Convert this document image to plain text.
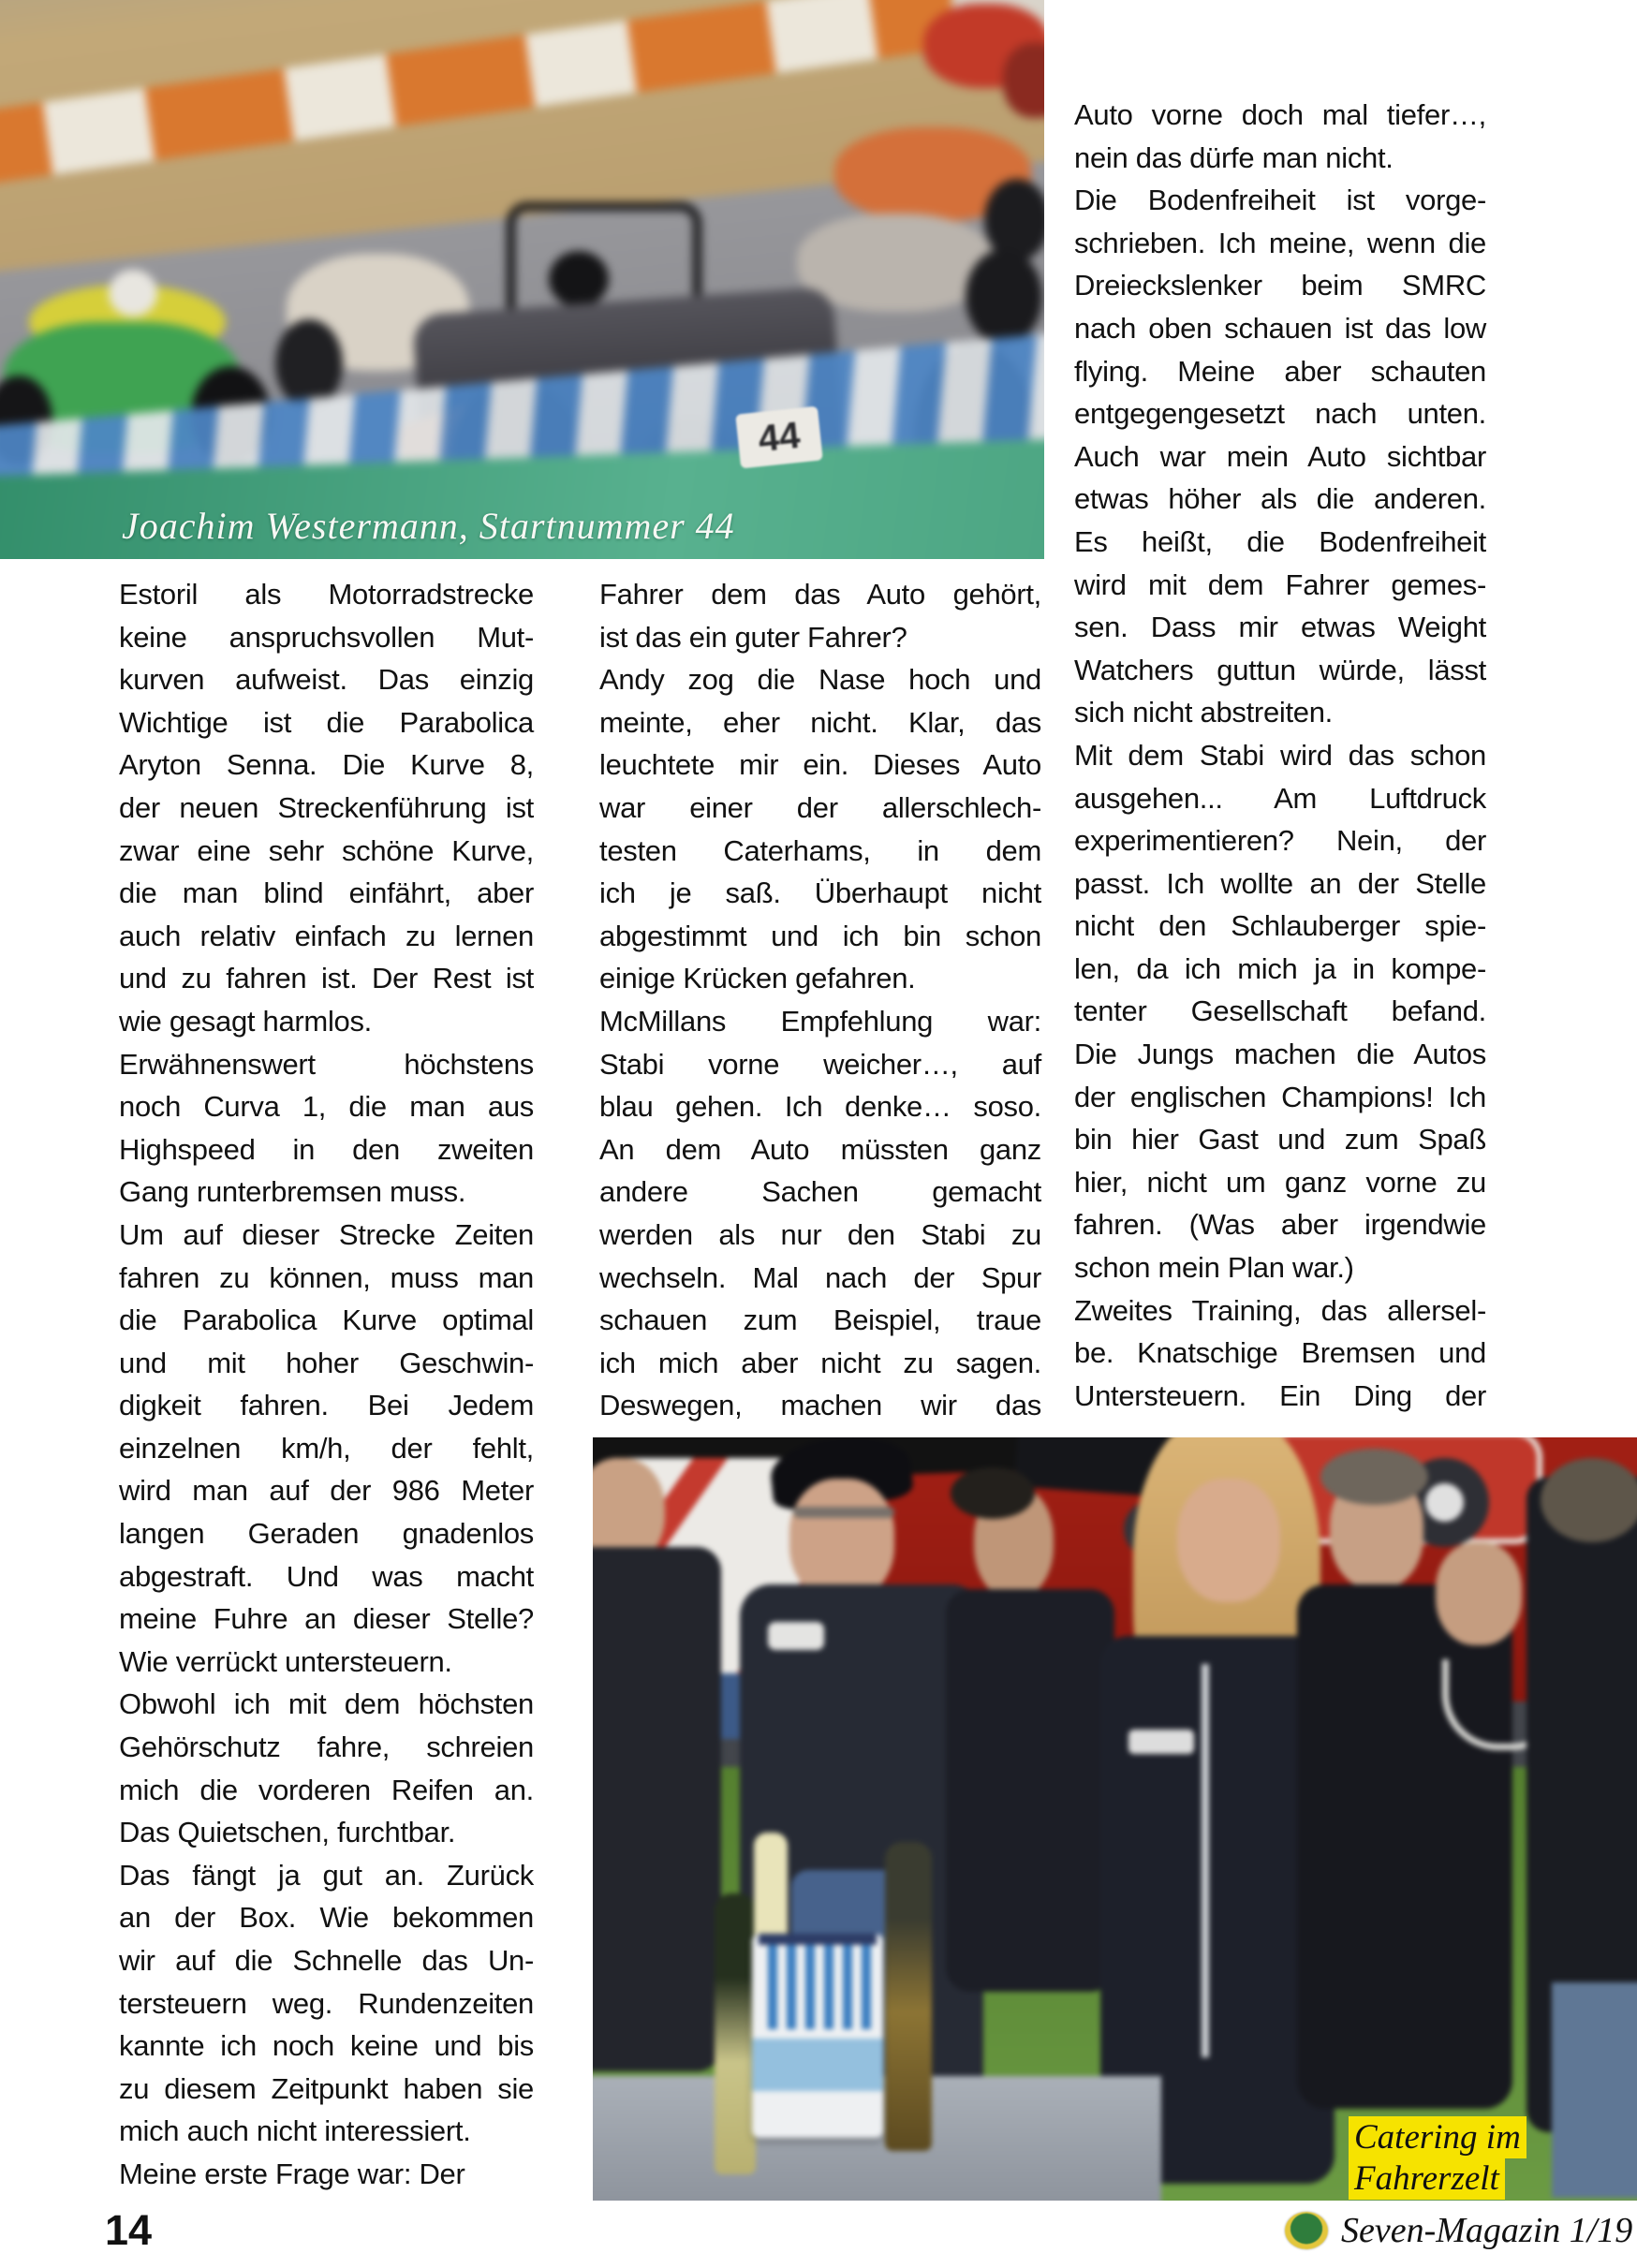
44
Joachim Westermann, Startnummer 44
Estoril als Motorradstrecke
keine anspruchsvollen Mut-
kurven aufweist. Das einzig
Wichtige ist die Parabolica
Aryton Senna. Die Kurve 8,
der neuen Streckenführung ist
zwar eine sehr schöne Kurve,
die man blind einfährt, aber
auch relativ einfach zu lernen
und zu fahren ist. Der Rest ist
wie gesagt harmlos.
Erwähnenswert höchstens
noch Curva 1, die man aus
Highspeed in den zweiten
Gang runterbremsen muss.
Um auf dieser Strecke Zeiten
fahren zu können, muss man
die Parabolica Kurve optimal
und mit hoher Geschwin-
digkeit fahren. Bei Jedem
einzelnen km/h, der fehlt,
wird man auf der 986 Meter
langen Geraden gnadenlos
abgestraft. Und was macht
meine Fuhre an dieser Stelle?
Wie verrückt untersteuern.
Obwohl ich mit dem höchsten
Gehörschutz fahre, schreien
mich die vorderen Reifen an.
Das Quietschen, furchtbar.
Das fängt ja gut an. Zurück
an der Box. Wie bekommen
wir auf die Schnelle das Un-
tersteuern weg. Rundenzeiten
kannte ich noch keine und bis
zu diesem Zeitpunkt haben sie
mich auch nicht interessiert.
Meine erste Frage war: Der
Fahrer dem das Auto gehört,
ist das ein guter Fahrer?
Andy zog die Nase hoch und
meinte, eher nicht. Klar, das
leuchtete mir ein. Dieses Auto
war einer der allerschlech-
testen Caterhams, in dem
ich je saß. Überhaupt nicht
abgestimmt und ich bin schon
einige Krücken gefahren.
McMillans Empfehlung war:
Stabi vorne weicher…, auf
blau gehen. Ich denke… soso.
An dem Auto müssten ganz
andere Sachen gemacht
werden als nur den Stabi zu
wechseln. Mal nach der Spur
schauen zum Beispiel, traue
ich mich aber nicht zu sagen.
Deswegen, machen wir das
Auto vorne doch mal tiefer…,
nein das dürfe man nicht.
Die Bodenfreiheit ist vorge-
schrieben. Ich meine, wenn die
Dreieckslenker beim SMRC
nach oben schauen ist das low
flying. Meine aber schauten
entgegengesetzt nach unten.
Auch war mein Auto sichtbar
etwas höher als die anderen.
Es heißt, die Bodenfreiheit
wird mit dem Fahrer gemes-
sen. Dass mir etwas Weight
Watchers guttun würde, lässt
sich nicht abstreiten.
Mit dem Stabi wird das schon
ausgehen... Am Luftdruck
experimentieren? Nein, der
passt. Ich wollte an der Stelle
nicht den Schlauberger spie-
len, da ich mich ja in kompe-
tenter Gesellschaft befand.
Die Jungs machen die Autos
der englischen Champions! Ich
bin hier Gast und zum Spaß
hier, nicht um ganz vorne zu
fahren. (Was aber irgendwie
schon mein Plan war.)
Zweites Training, das allersel-
be. Knatschige Bremsen und
Untersteuern. Ein Ding der
Catering im
Fahrerzelt
14	Seven-Magazin 1/19
